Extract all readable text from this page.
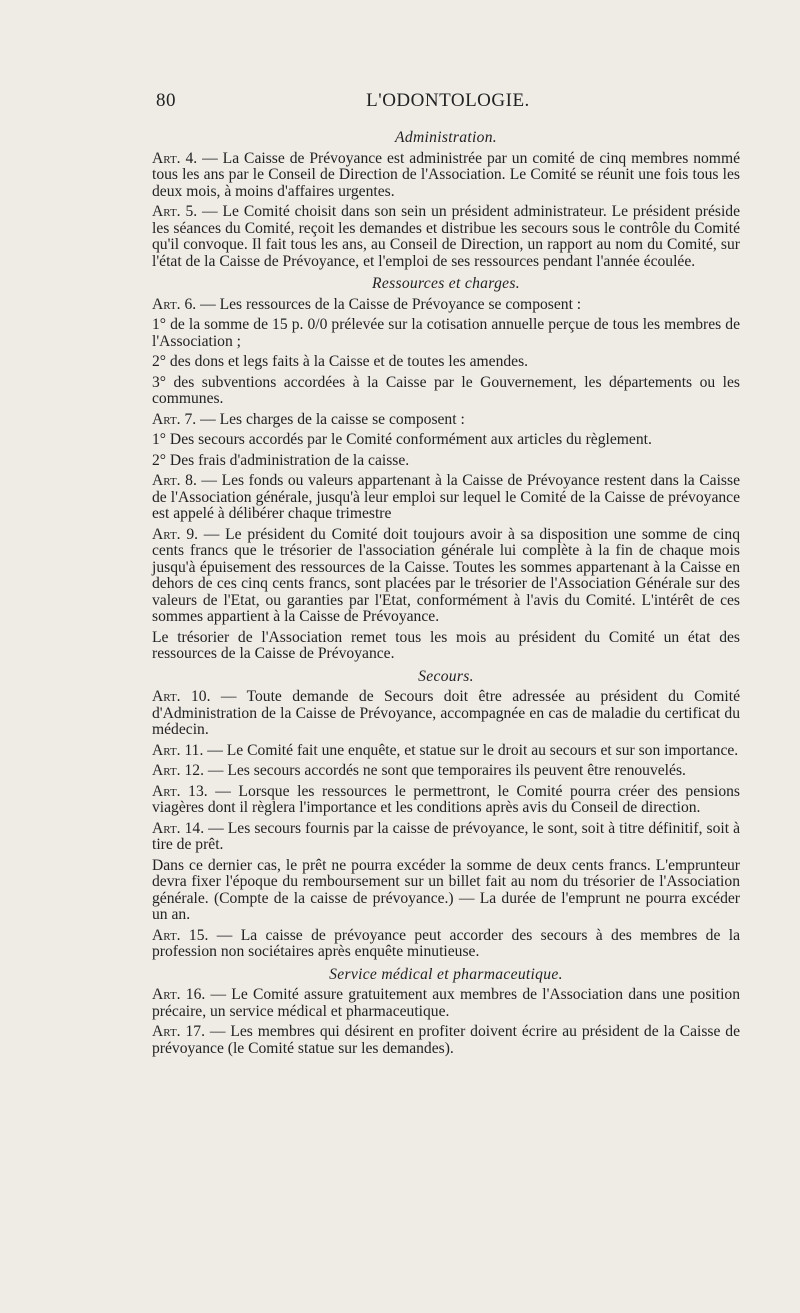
80	L'ODONTOLOGIE.
Administration.

Art. 4. — La Caisse de Prévoyance est administrée par un comité de cinq membres nommé tous les ans par le Conseil de Direction de l'Association. Le Comité se réunit une fois tous les deux mois, à moins d'affaires urgentes.

Art. 5. — Le Comité choisit dans son sein un président administrateur. Le président préside les séances du Comité, reçoit les demandes et distribue les secours sous le contrôle du Comité qu'il convoque. Il fait tous les ans, au Conseil de Direction, un rapport au nom du Comité, sur l'état de la Caisse de Prévoyance, et l'emploi de ses ressources pendant l'année écoulée.

Ressources et charges.

Art. 6. — Les ressources de la Caisse de Prévoyance se composent :

1° de la somme de 15 p. 0/0 prélevée sur la cotisation annuelle perçue de tous les membres de l'Association ;

2° des dons et legs faits à la Caisse et de toutes les amendes.

3° des subventions accordées à la Caisse par le Gouvernement, les départements ou les communes.

Art. 7. — Les charges de la caisse se composent :

1° Des secours accordés par le Comité conformément aux articles du règlement.

2° Des frais d'administration de la caisse.

Art. 8. — Les fonds ou valeurs appartenant à la Caisse de Prévoyance restent dans la Caisse de l'Association générale, jusqu'à leur emploi sur lequel le Comité de la Caisse de prévoyance est appelé à délibérer chaque trimestre

Art. 9. — Le président du Comité doit toujours avoir à sa disposition une somme de cinq cents francs que le trésorier de l'association générale lui complète à la fin de chaque mois jusqu'à épuisement des ressources de la Caisse. Toutes les sommes appartenant à la Caisse en dehors de ces cinq cents francs, sont placées par le trésorier de l'Association Générale sur des valeurs de l'Etat, ou garanties par l'Etat, conformément à l'avis du Comité. L'intérêt de ces sommes appartient à la Caisse de Prévoyance.

Le trésorier de l'Association remet tous les mois au président du Comité un état des ressources de la Caisse de Prévoyance.

Secours.

Art. 10. — Toute demande de Secours doit être adressée au président du Comité d'Administration de la Caisse de Prévoyance, accompagnée en cas de maladie du certificat du médecin.

Art. 11. — Le Comité fait une enquête, et statue sur le droit au secours et sur son importance.

Art. 12. — Les secours accordés ne sont que temporaires ils peuvent être renouvelés.

Art. 13. — Lorsque les ressources le permettront, le Comité pourra créer des pensions viagères dont il règlera l'importance et les conditions après avis du Conseil de direction.

Art. 14. — Les secours fournis par la caisse de prévoyance, le sont, soit à titre définitif, soit à tire de prêt.

Dans ce dernier cas, le prêt ne pourra excéder la somme de deux cents francs. L'emprunteur devra fixer l'époque du remboursement sur un billet fait au nom du trésorier de l'Association générale. (Compte de la caisse de prévoyance.) — La durée de l'emprunt ne pourra excéder un an.

Art. 15. — La caisse de prévoyance peut accorder des secours à des membres de la profession non sociétaires après enquête minutieuse.

Service médical et pharmaceutique.

Art. 16. — Le Comité assure gratuitement aux membres de l'Association dans une position précaire, un service médical et pharmaceutique.

Art. 17. — Les membres qui désirent en profiter doivent écrire au président de la Caisse de prévoyance (le Comité statue sur les demandes).
